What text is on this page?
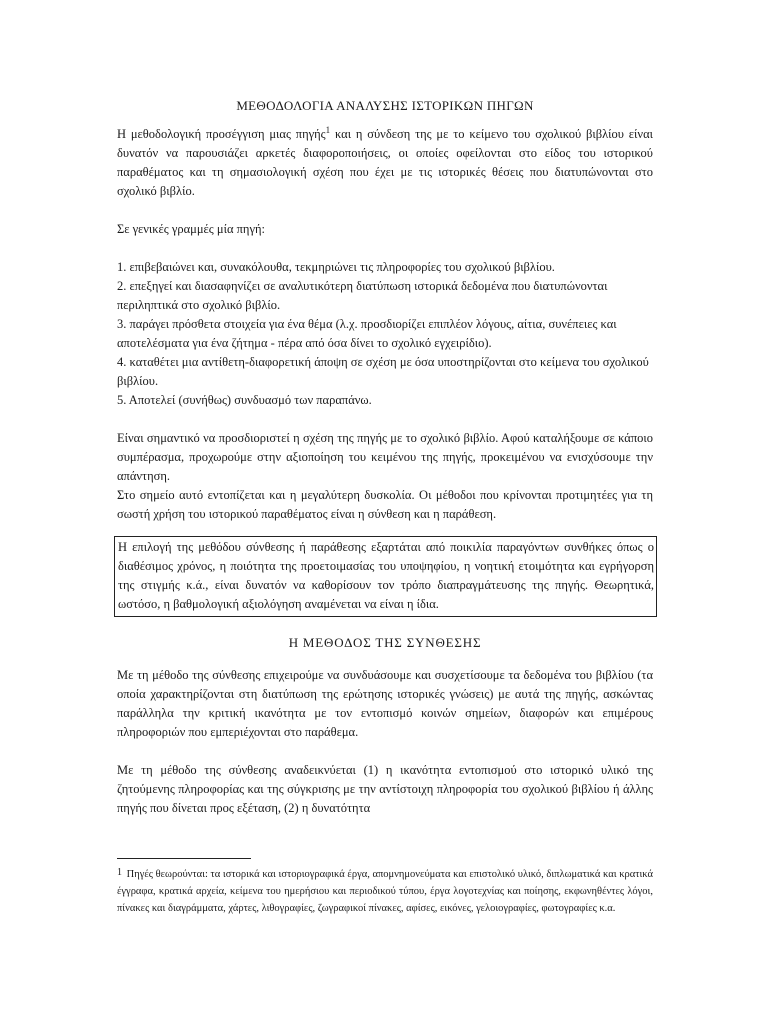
ΜΕΘΟΔΟΛΟΓΙΑ ΑΝΑΛΥΣΗΣ ΙΣΤΟΡΙΚΩΝ ΠΗΓΩΝ

Η μεθοδολογική προσέγγιση μιας πηγής$^1$ και η σύνδεση της με το κείμενο του σχολικού βιβλίου είναι δυνατόν να παρουσιάζει αρκετές διαφοροποιήσεις, οι οποίες οφείλονται στο είδος του ιστορικού παραθέματος και τη σημασιολογική σχέση που έχει με τις ιστορικές θέσεις που διατυπώνονται στο σχολικό βιβλίο.

Σε γενικές γραμμές μία πηγή:

1. επιβεβαιώνει και, συνακόλουθα, τεκμηριώνει τις πληροφορίες του σχολικού βιβλίου.

2. επεξηγεί και διασαφηνίζει σε αναλυτικότερη διατύπωση ιστορικά δεδομένα που διατυπώνονται περιληπτικά στο σχολικό βιβλίο.

3. παράγει πρόσθετα στοιχεία για ένα θέμα (λ.χ. προσδιορίζει επιπλέον λόγους, αίτια, συνέπειες και αποτελέσματα για ένα ζήτημα - πέρα από όσα δίνει το σχολικό εγχειρίδιο).

4. καταθέτει μια αντίθετη-διαφορετική άποψη σε σχέση με όσα υποστηρίζονται στο κείμενα του σχολικού βιβλίου.

5. Αποτελεί (συνήθως) συνδυασμό των παραπάνω.

Είναι σημαντικό να προσδιοριστεί η σχέση της πηγής με το σχολικό βιβλίο. Αφού καταλήξουμε σε κάποιο συμπέρασμα, προχωρούμε στην αξιοποίηση του κειμένου της πηγής, προκειμένου να ενισχύσουμε την απάντηση.

Στο σημείο αυτό εντοπίζεται και η μεγαλύτερη δυσκολία. Οι μέθοδοι που κρίνονται προτιμητέες για τη σωστή χρήση του ιστορικού παραθέματος είναι η σύνθεση και η παράθεση.

Η επιλογή της μεθόδου σύνθεσης ή παράθεσης εξαρτάται από ποικιλία παραγόντων συνθήκες όπως ο διαθέσιμος χρόνος, η ποιότητα της προετοιμασίας του υποψηφίου, η νοητική ετοιμότητα και εγρήγορση της στιγμής κ.ά., είναι δυνατόν να καθορίσουν τον τρόπο διαπραγμάτευσης της πηγής. Θεωρητικά, ωστόσο, η βαθμολογική αξιολόγηση αναμένεται να είναι η ίδια.
Η ΜΕΘΟΔΟΣ ΤΗΣ ΣΥΝΘΕΣΗΣ

Με τη μέθοδο της σύνθεσης επιχειρούμε να συνδυάσουμε και συσχετίσουμε τα δεδομένα του βιβλίου (τα οποία χαρακτηρίζονται στη διατύπωση της ερώτησης ιστορικές γνώσεις) με αυτά της πηγής, ασκώντας παράλληλα την κριτική ικανότητα με τον εντοπισμό κοινών σημείων, διαφορών και επιμέρους πληροφοριών που εμπεριέχονται στο παράθεμα.

Με τη μέθοδο της σύνθεσης αναδεικνύεται (1) η ικανότητα εντοπισμού στο ιστορικό υλικό της ζητούμενης πληροφορίας και της σύγκρισης με την αντίστοιχη πληροφορία του σχολικού βιβλίου ή άλλης πηγής που δίνεται προς εξέταση, (2) η δυνατότητα

1 Πηγές θεωρούνται: τα ιστορικά και ιστοριογραφικά έργα, απομνημονεύματα και επιστολικό υλικό, διπλωματικά και κρατικά έγγραφα, κρατικά αρχεία, κείμενα του ημερήσιου και περιοδικού τύπου, έργα λογοτεχνίας και ποίησης, εκφωνηθέντες λόγοι, πίνακες και διαγράμματα, χάρτες, λιθογραφίες, ζωγραφικοί πίνακες, αφίσες, εικόνες, γελοιογραφίες, φωτογραφίες κ.α.
